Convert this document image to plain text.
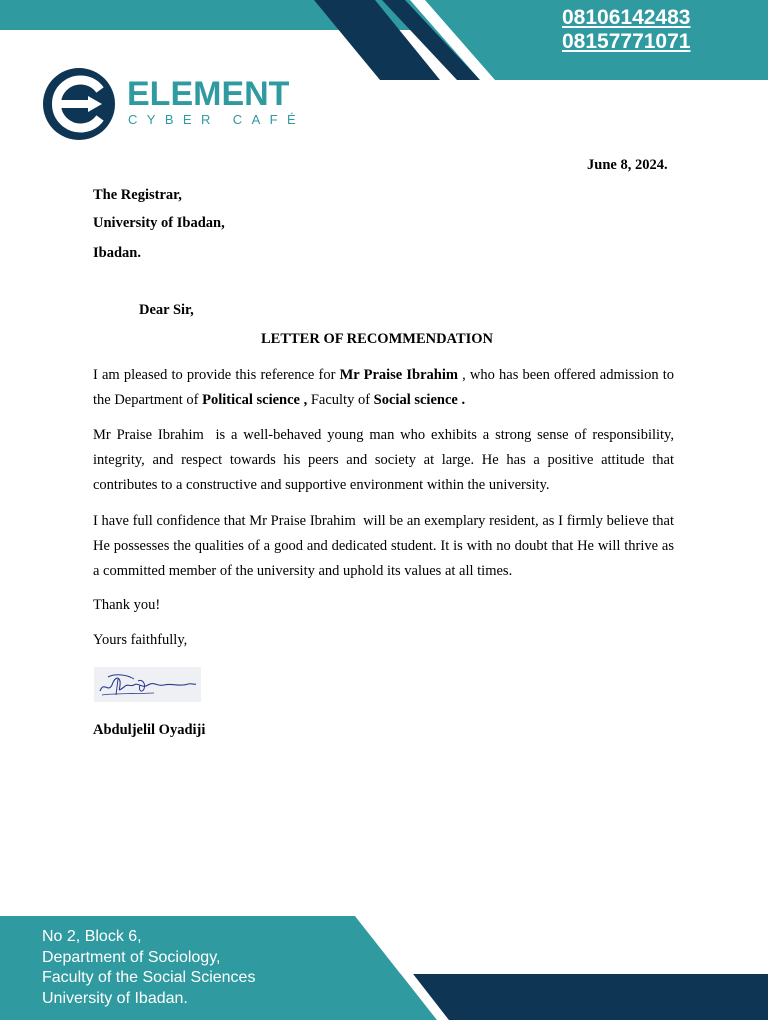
08106142483
08157771071
ELEMENT
CYBER CAFÉ
June 8, 2024.
The Registrar,
University of Ibadan,
Ibadan.
Dear Sir,
LETTER OF RECOMMENDATION
I am pleased to provide this reference for Mr Praise Ibrahim , who has been offered admission to the Department of Political science , Faculty of Social science .
Mr Praise Ibrahim  is a well-behaved young man who exhibits a strong sense of responsibility, integrity, and respect towards his peers and society at large. He has a positive attitude that contributes to a constructive and supportive environment within the university.
I have full confidence that Mr Praise Ibrahim  will be an exemplary resident, as I firmly believe that He possesses the qualities of a good and dedicated student. It is with no doubt that He will thrive as a committed member of the university and uphold its values at all times.
Thank you!
Yours faithfully,
Abduljelil Oyadiji
No 2, Block 6,
Department of Sociology,
Faculty of the Social Sciences
University of Ibadan.
